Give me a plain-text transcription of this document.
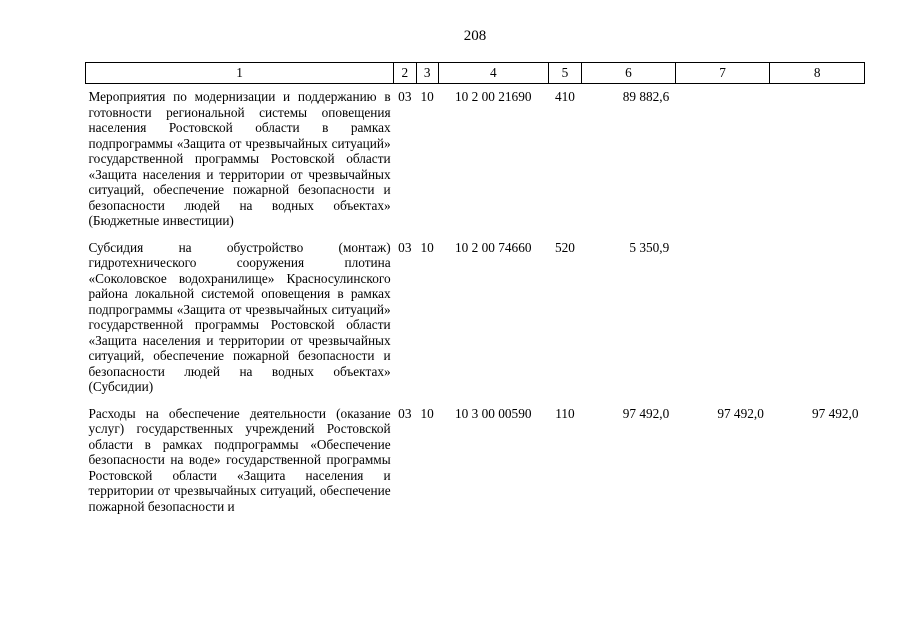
208
1	2	3	4	5	6	7	8
Мероприятия по модернизации и поддержанию в готовности региональной системы оповещения населения Ростовской области в рамках подпрограммы «Защита от чрезвычайных ситуаций» государственной программы Ростовской области «Защита населения и территории от чрезвычайных ситуаций, обеспечение пожарной безопасности и безопасности людей на водных объектах» (Бюджетные инвестиции)	03	10	10 2 00 21690	410	89 882,6		
Субсидия на обустройство (монтаж) гидротехнического сооружения плотина «Соколовское водохранилище» Красносулинского района локальной системой оповещения в рамках подпрограммы «Защита от чрезвычайных ситуаций» государственной программы Ростовской области «Защита населения и территории от чрезвычайных ситуаций, обеспечение пожарной безопасности и безопасности людей на водных объектах» (Субсидии)	03	10	10 2 00 74660	520	5 350,9		
Расходы на обеспечение деятельности (оказание услуг) государственных учреждений Ростовской области в рамках подпрограммы «Обеспечение безопасности на воде» государственной программы Ростовской области «Защита населения и территории от чрезвычайных ситуаций, обеспечение пожарной безопасности и	03	10	10 3 00 00590	110	97 492,0	97 492,0	97 492,0
